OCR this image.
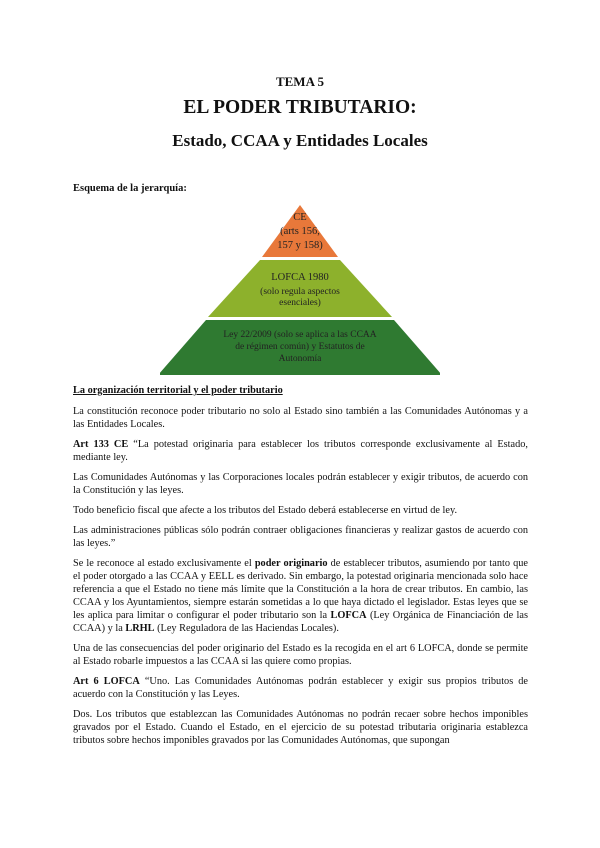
TEMA 5
EL PODER TRIBUTARIO:
Estado, CCAA y Entidades Locales
Esquema de la jerarquía:
CE
(arts 156,
157 y 158)
LOFCA 1980
(solo regula aspectos
esenciales)
Ley 22/2009 (solo se aplica a las CCAA
de régimen común) y Estatutos de
Autonomía
La organización territorial y el poder tributario

La constitución reconoce poder tributario no solo al Estado sino también a las Comunidades Autónomas y a las Entidades Locales.

Art 133 CE “La potestad originaria para establecer los tributos corresponde exclusivamente al Estado, mediante ley.

Las Comunidades Autónomas y las Corporaciones locales podrán establecer y exigir tributos, de acuerdo con la Constitución y las leyes.

Todo beneficio fiscal que afecte a los tributos del Estado deberá establecerse en virtud de ley.

Las administraciones públicas sólo podrán contraer obligaciones financieras y realizar gastos de acuerdo con las leyes.”

Se le reconoce al estado exclusivamente el poder originario de establecer tributos, asumiendo por tanto que el poder otorgado a las CCAA y EELL es derivado. Sin embargo, la potestad originaria mencionada solo hace referencia a que el Estado no tiene más límite que la Constitución a la hora de crear tributos. En cambio, las CCAA y los Ayuntamientos, siempre estarán sometidas a lo que haya dictado el legislador. Estas leyes que se les aplica para limitar o configurar el poder tributario son la LOFCA (Ley Orgánica de Financiación de las CCAA) y la LRHL (Ley Reguladora de las Haciendas Locales).

Una de las consecuencias del poder originario del Estado es la recogida en el art 6 LOFCA, donde se permite al Estado robarle impuestos a las CCAA si las quiere como propias.

Art 6 LOFCA “Uno. Las Comunidades Autónomas podrán establecer y exigir sus propios tributos de acuerdo con la Constitución y las Leyes.

Dos. Los tributos que establezcan las Comunidades Autónomas no podrán recaer sobre hechos imponibles gravados por el Estado. Cuando el Estado, en el ejercicio de su potestad tributaria originaria establezca tributos sobre hechos imponibles gravados por las Comunidades Autónomas, que supongan
